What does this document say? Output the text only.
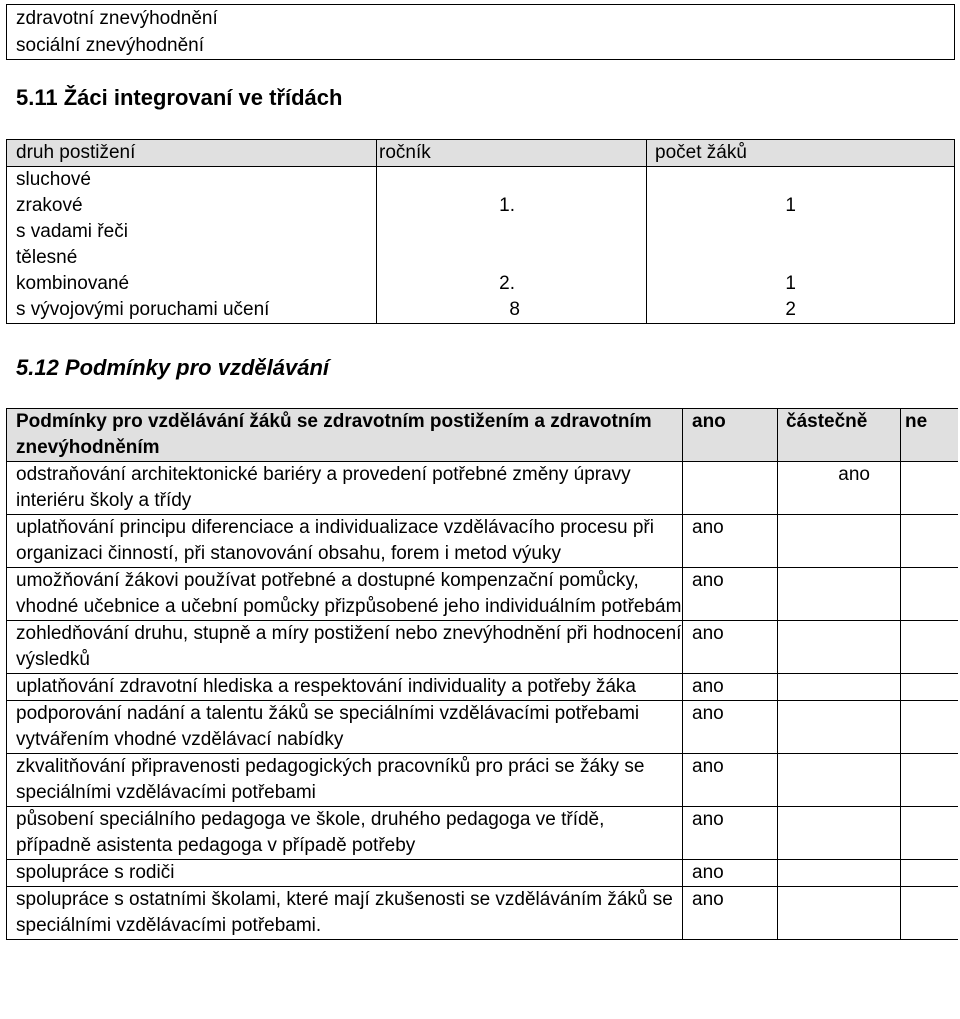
zdravotní znevýhodnění
sociální znevýhodnění
5.11 Žáci integrovaní ve třídách
druh postižení	ročník	počet žáků
sluchové		
zrakové	1.	1
s vadami řeči		
tělesné		
kombinované	2.	1
s vývojovými poruchami učení	8	2
5.12 Podmínky pro vzdělávání
Podmínky pro vzdělávání žáků se zdravotním postižením a zdravotním znevýhodněním	ano	částečně	ne
odstraňování architektonické bariéry a provedení potřebné změny úpravy interiéru školy a třídy		ano	

uplatňování principu diferenciace a individualizace vzdělávacího procesu při organizaci činností, při stanovování obsahu, forem i metod výuky	ano		
umožňování žákovi používat potřebné a dostupné kompenzační pomůcky, vhodné učebnice a učební pomůcky přizpůsobené jeho individuálním potřebám	ano		
zohledňování druhu, stupně a míry postižení nebo znevýhodnění při hodnocení výsledků	ano		
uplatňování zdravotní hlediska a respektování individuality a potřeby žáka	ano		
podporování nadání a talentu žáků se speciálními vzdělávacími potřebami vytvářením vhodné vzdělávací nabídky	ano		
zkvalitňování připravenosti pedagogických pracovníků pro práci se žáky se speciálními vzdělávacími potřebami	ano		
působení speciálního pedagoga ve škole, druhého pedagoga ve třídě, případně asistenta pedagoga v případě potřeby	ano		
spolupráce s rodiči	ano		
spolupráce s ostatními školami, které mají zkušenosti se vzděláváním žáků se speciálními vzdělávacími potřebami.	ano		
